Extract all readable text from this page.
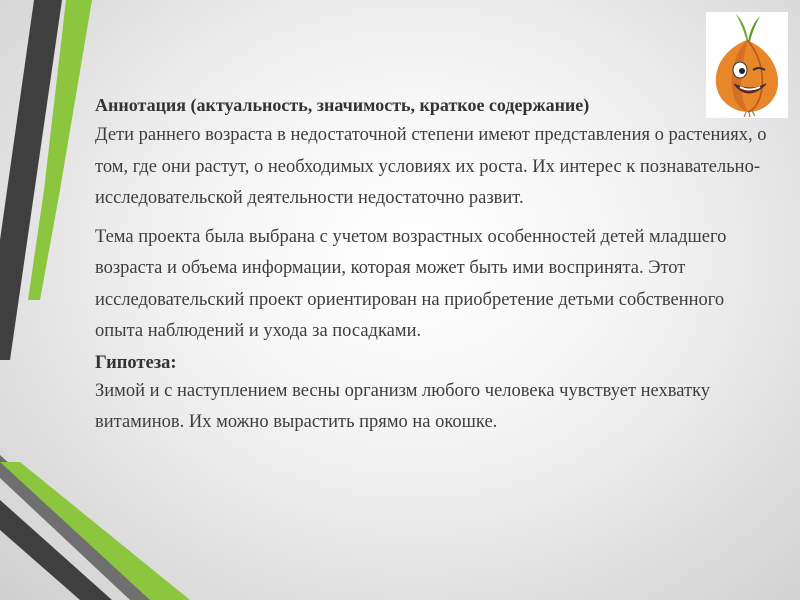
Аннотация (актуальность, значимость, краткое содержание)

Дети раннего возраста в недостаточной степени имеют представления о растениях, о том, где они растут, о необходимых условиях их роста. Их интерес к познавательно-исследовательской деятельности недостаточно развит.

Тема проекта была выбрана с учетом возрастных особенностей детей младшего возраста и объема информации, которая может быть ими воспринята. Этот исследовательский проект ориентирован на приобретение детьми собственного опыта наблюдений и ухода за посадками.

Гипотеза:

Зимой и с наступлением весны организм любого человека чувствует нехватку витаминов. Их можно вырастить прямо на окошке.
